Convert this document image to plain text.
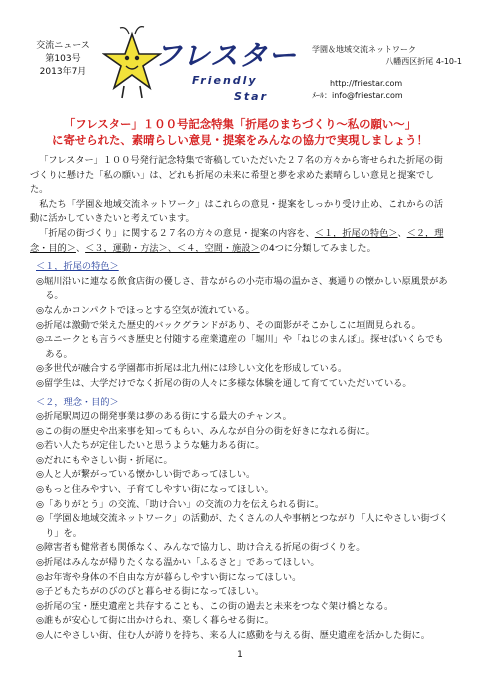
交流ニュース
第103号
2013年7月	フレスター
Friendly
Star
学園＆地域交流ネットワーク
八幡西区折尾 4-10-1
http://friestar.com
ﾒｰﾙ：info@friestar.com
「フレスター」１００号記念特集「折尾のまちづくり～私の願い～」
に寄せられた、素晴らしい意見・提案をみんなの協力で実現しましょう！

「フレスター」１００号発行記念特集で寄稿していただいた２７名の方々から寄せられた折尾の街づくりに懸けた「私の願い」は、どれも折尾の未来に希望と夢を求めた素晴らしい意見と提案でした。

私たち「学園＆地域交流ネットワーク」はこれらの意見・提案をしっかり受け止め、これからの活動に活かしていきたいと考えています。

「折尾の街づくり」に関する２７名の方々の意見・提案の内容を、＜１，折尾の特色＞、＜２，理念・目的＞、＜３，運動・方法＞、＜４，空間・施設＞の4つに分類してみました。

＜１，折尾の特色＞
◎堀川沿いに連なる飲食店街の優しさ、昔ながらの小売市場の温かさ、裏通りの懐かしい原風景がある。
◎なんかコンパクトでほっとする空気が流れている。
◎折尾は激動で栄えた歴史的バックグランドがあり、その面影がそこかしこに垣間見られる。
◎ユニークとも言うべき歴史と付随する産業遺産の「堀川」や「ねじのまんぽ」。探せばいくらでもある。
◎多世代が融合する学園都市折尾は北九州には珍しい文化を形成している。
◎留学生は、大学だけでなく折尾の街の人々に多様な体験を通して育てていただいている。
＜２，理念・目的＞
◎折尾駅周辺の開発事業は夢のある街にする最大のチャンス。
◎この街の歴史や出来事を知ってもらい、みんなが自分の街を好きになれる街に。
◎若い人たちが定住したいと思うような魅力ある街に。
◎だれにもやさしい街・折尾に。
◎人と人が繋がっている懐かしい街であってほしい。
◎もっと住みやすい、子育てしやすい街になってほしい。
◎「ありがとう」の交流、「助け合い」の交流の力を伝えられる街に。
◎「学園＆地域交流ネットワーク」の活動が、たくさんの人や事柄とつながり「人にやさしい街づくり」を。
◎障害者も健常者も関係なく、みんなで協力し、助け合える折尾の街づくりを。
◎折尾はみんなが帰りたくなる温かい「ふるさと」であってほしい。
◎お年寄や身体の不自由な方が暮らしやすい街になってほしい。
◎子どもたちがのびのびと暮らせる街になってほしい。
◎折尾の宝・歴史遺産と共存することも、この街の過去と未来をつなぐ架け橋となる。
◎誰もが安心して街に出かけられ、楽しく暮らせる街に。
◎人にやさしい街、住む人が誇りを持ち、来る人に感動を与える街、歴史遺産を活かした街に。
1
